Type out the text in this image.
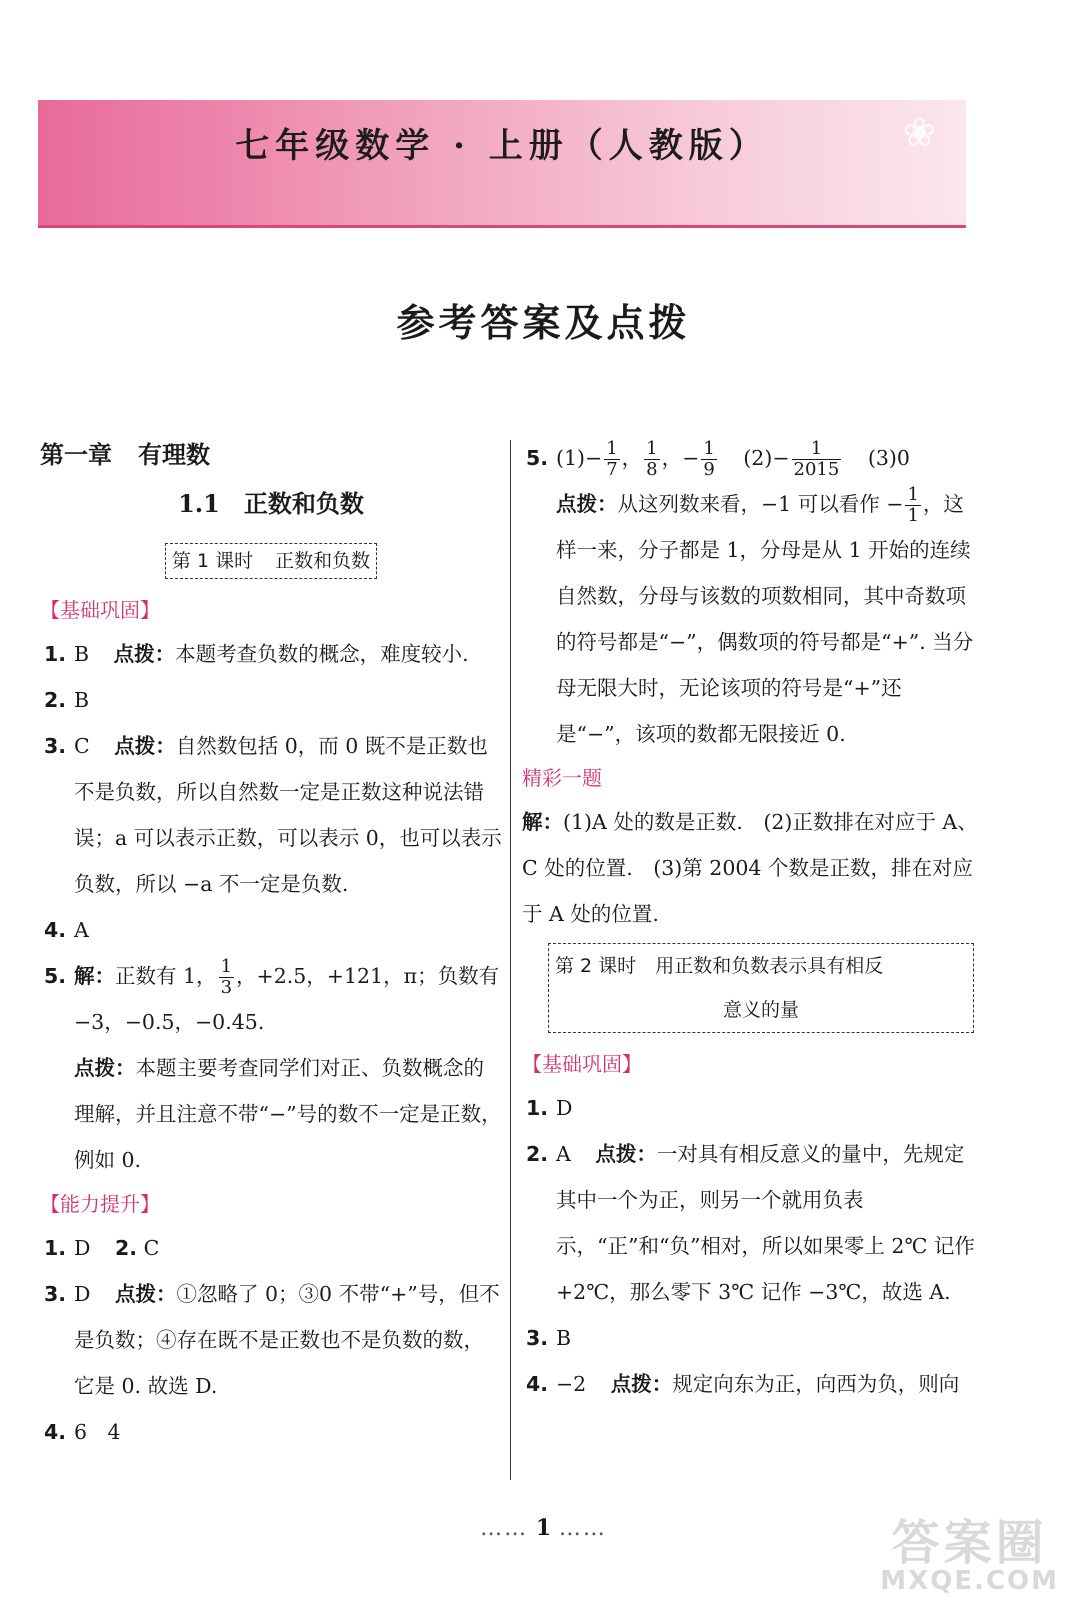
七年级数学 · 上册（人教版）	❀
参考答案及点拨
第一章 有理数
1.1 正数和负数
第 1 课时 正数和负数
【基础巩固】
1. B 点拨：本题考查负数的概念，难度较小.
2. B
3. C 点拨：自然数包括 0，而 0 既不是正数也不是负数，所以自然数一定是正数这种说法错误；a 可以表示正数，可以表示 0，也可以表示负数，所以 −a 不一定是负数.
4. A
5. 解：正数有 1， $\frac{1}{3}$ ，+2.5，+121，π；负数有 −3，−0.5，−0.45.
点拨：本题主要考查同学们对正、负数概念的理解，并且注意不带“−”号的数不一定是正数，例如 0.
【能力提升】
1. D 2. C
3. D 点拨：①忽略了 0；③0 不带“+”号，但不是负数；④存在既不是正数也不是负数的数，它是 0. 故选 D.
4. 6　4
5. $(1)- \frac{1}{7}$ ， $\frac{1}{8}$ ，− $\frac{1}{9} (2)- \frac{1}{2015} (3)0$
点拨：从这列数来看，−1 可以看作 − $\frac{1}{1}$ ，这样一来，分子都是 1，分母是从 1 开始的连续自然数，分母与该数的项数相同，其中奇数项的符号都是“−”，偶数项的符号都是“+”. 当分母无限大时，无论该项的符号是“+”还是“−”，该项的数都无限接近 0.
精彩一题
解：(1)A 处的数是正数.　(2)正数排在对应于 A、C 处的位置.　(3)第 2004 个数是正数，排在对应于 A 处的位置.
第 2 课时　 用正数和负数表示具有相反
意义的量
【基础巩固】
1. D
2. A 点拨：一对具有相反意义的量中，先规定其中一个为正，则另一个就用负表示，“正”和“负”相对，所以如果零上 2℃ 记作 +2℃，那么零下 3℃ 记作 −3℃，故选 A.
3. B
4. −2 点拨：规定向东为正，向西为负，则向
…… 1 ……	答案圈
MXQE.COM
